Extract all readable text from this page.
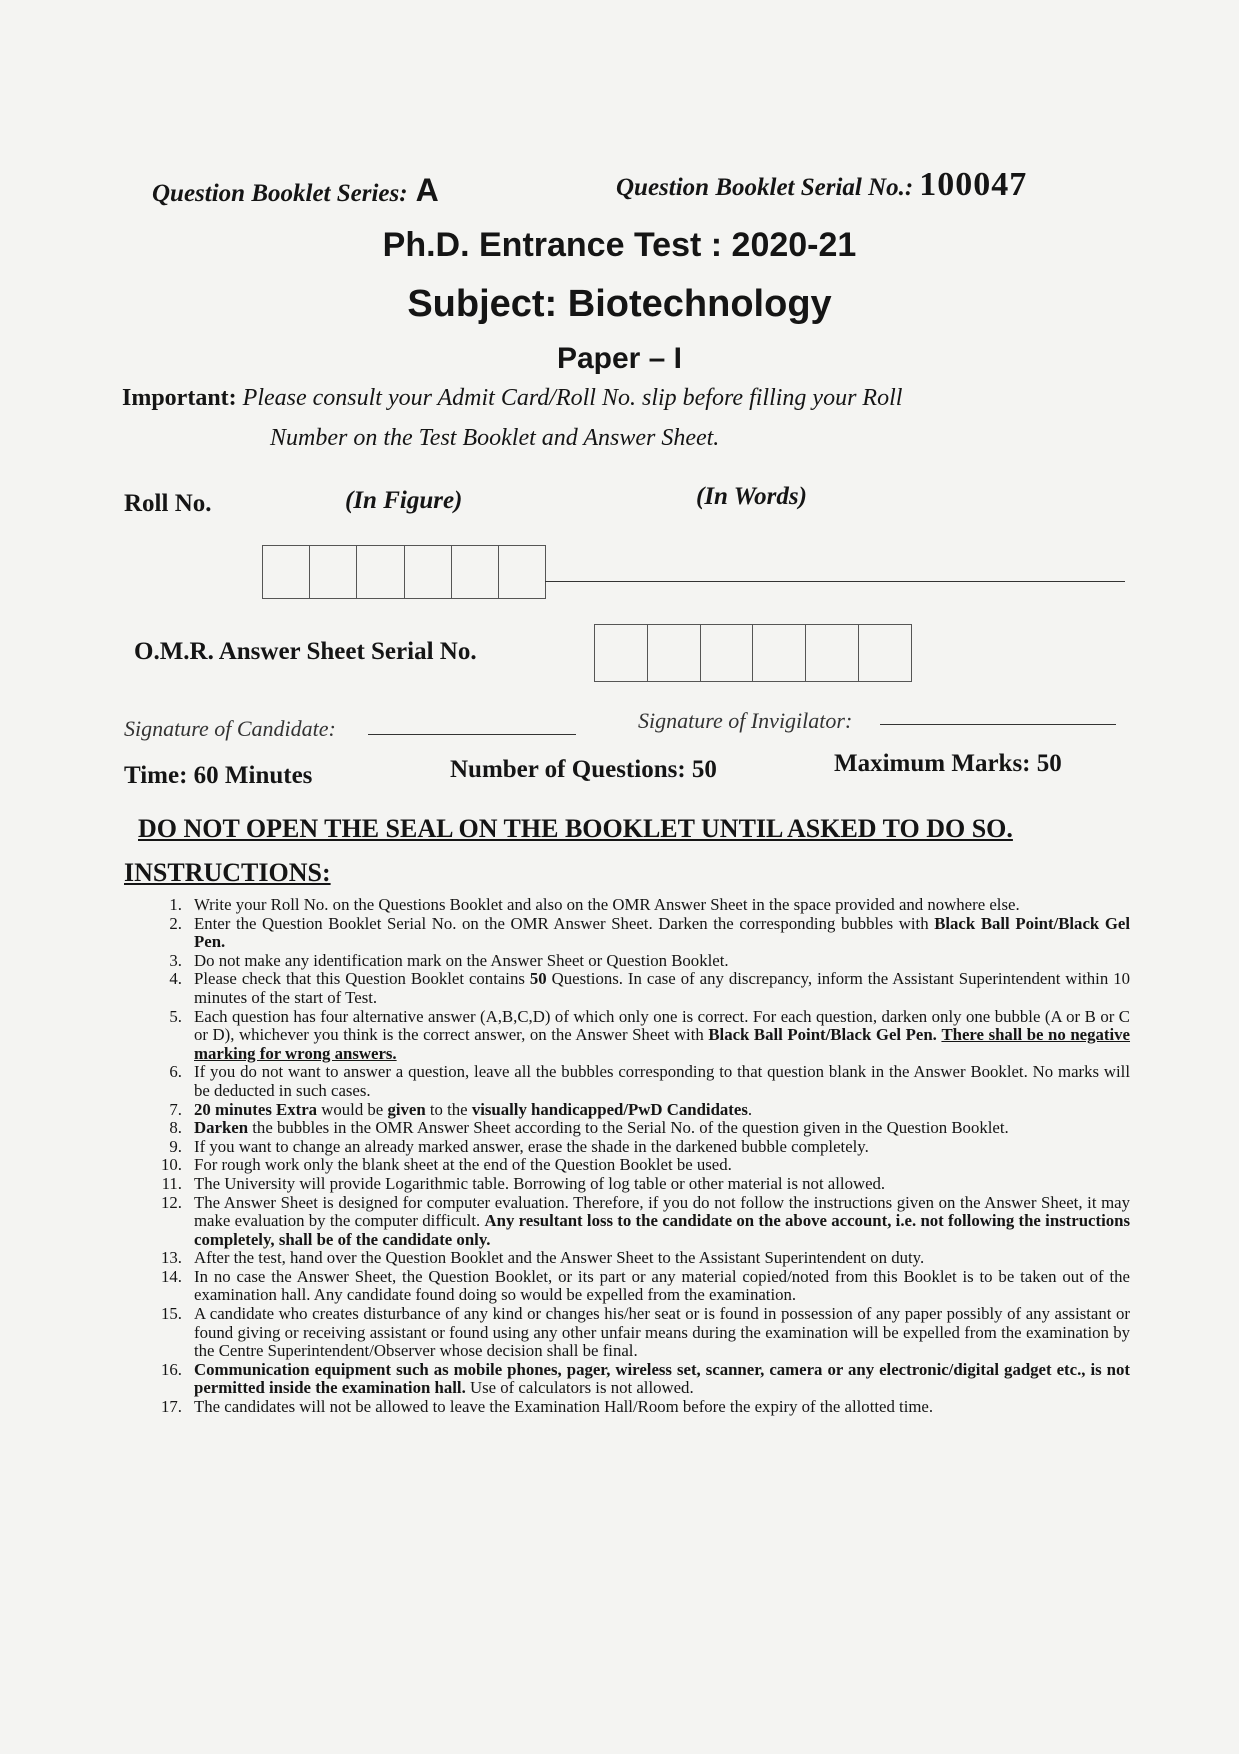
Question Booklet Series: A	Question Booklet Serial No.: 100047
Ph.D. Entrance Test : 2020-21
Subject: Biotechnology
Paper – I
Important: Please consult your Admit Card/Roll No. slip before filling your Roll
Number on the Test Booklet and Answer Sheet.
Roll No.	(In Figure)	(In Words)
O.M.R. Answer Sheet Serial No.
Signature of Candidate:	Signature of Invigilator:
Time: 60 Minutes	Number of Questions: 50	Maximum Marks: 50
DO NOT OPEN THE SEAL ON THE BOOKLET UNTIL ASKED TO DO SO.
INSTRUCTIONS:
1. Write your Roll No. on the Questions Booklet and also on the OMR Answer Sheet in the space provided and nowhere else.
2. Enter the Question Booklet Serial No. on the OMR Answer Sheet. Darken the corresponding bubbles with Black Ball Point/Black Gel Pen.
3. Do not make any identification mark on the Answer Sheet or Question Booklet.
4. Please check that this Question Booklet contains 50 Questions. In case of any discrepancy, inform the Assistant Superintendent within 10 minutes of the start of Test.
5. Each question has four alternative answer (A,B,C,D) of which only one is correct. For each question, darken only one bubble (A or B or C or D), whichever you think is the correct answer, on the Answer Sheet with Black Ball Point/Black Gel Pen. There shall be no negative marking for wrong answers.
6. If you do not want to answer a question, leave all the bubbles corresponding to that question blank in the Answer Booklet. No marks will be deducted in such cases.
7. 20 minutes Extra would be given to the visually handicapped/PwD Candidates.
8. Darken the bubbles in the OMR Answer Sheet according to the Serial No. of the question given in the Question Booklet.
9. If you want to change an already marked answer, erase the shade in the darkened bubble completely.
10. For rough work only the blank sheet at the end of the Question Booklet be used.
11. The University will provide Logarithmic table. Borrowing of log table or other material is not allowed.
12. The Answer Sheet is designed for computer evaluation. Therefore, if you do not follow the instructions given on the Answer Sheet, it may make evaluation by the computer difficult. Any resultant loss to the candidate on the above account, i.e. not following the instructions completely, shall be of the candidate only.
13. After the test, hand over the Question Booklet and the Answer Sheet to the Assistant Superintendent on duty.
14. In no case the Answer Sheet, the Question Booklet, or its part or any material copied/noted from this Booklet is to be taken out of the examination hall. Any candidate found doing so would be expelled from the examination.
15. A candidate who creates disturbance of any kind or changes his/her seat or is found in possession of any paper possibly of any assistant or found giving or receiving assistant or found using any other unfair means during the examination will be expelled from the examination by the Centre Superintendent/Observer whose decision shall be final.
16. Communication equipment such as mobile phones, pager, wireless set, scanner, camera or any electronic/digital gadget etc., is not permitted inside the examination hall. Use of calculators is not allowed.
17. The candidates will not be allowed to leave the Examination Hall/Room before the expiry of the allotted time.
